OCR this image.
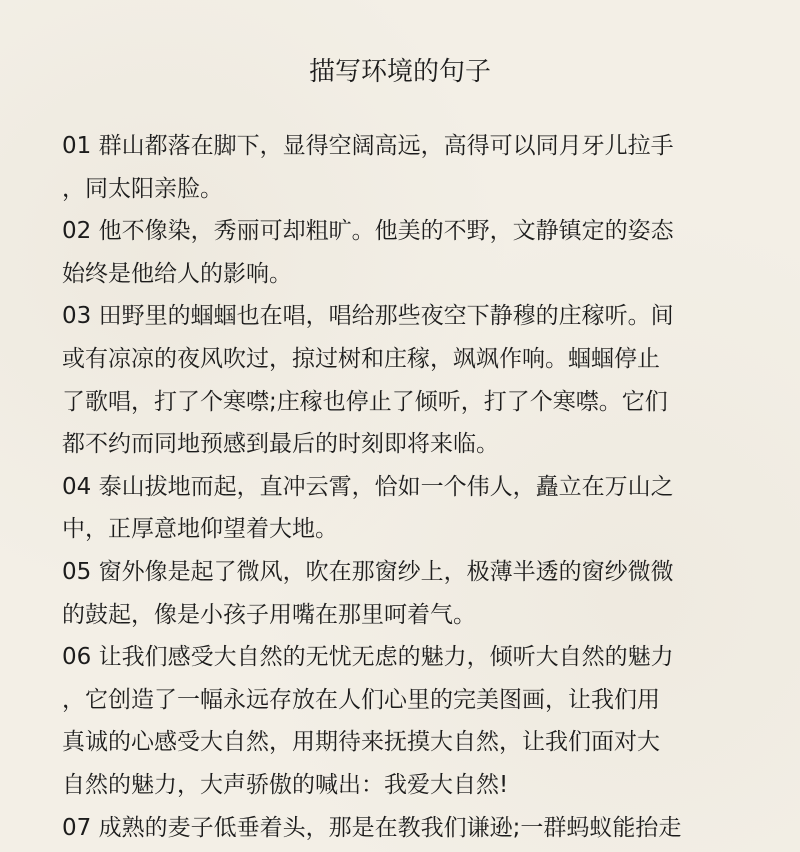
描写环境的句子

01 群山都落在脚下，显得空阔高远，高得可以同月牙儿拉手
，同太阳亲脸。

02 他不像染，秀丽可却粗旷。他美的不野，文静镇定的姿态
始终是他给人的影响。

03 田野里的蝈蝈也在唱，唱给那些夜空下静穆的庄稼听。间
或有凉凉的夜风吹过，掠过树和庄稼，飒飒作响。蝈蝈停止
了歌唱，打了个寒噤;庄稼也停止了倾听，打了个寒噤。它们
都不约而同地预感到最后的时刻即将来临。

04 泰山拔地而起，直冲云霄，恰如一个伟人，矗立在万山之
中，正厚意地仰望着大地。

05 窗外像是起了微风，吹在那窗纱上，极薄半透的窗纱微微
的鼓起，像是小孩子用嘴在那里呵着气。

06 让我们感受大自然的无忧无虑的魅力，倾听大自然的魅力
，它创造了一幅永远存放在人们心里的完美图画，让我们用
真诚的心感受大自然，用期待来抚摸大自然，让我们面对大
自然的魅力，大声骄傲的喊出：我爱大自然!

07 成熟的麦子低垂着头，那是在教我们谦逊;一群蚂蚁能抬走
